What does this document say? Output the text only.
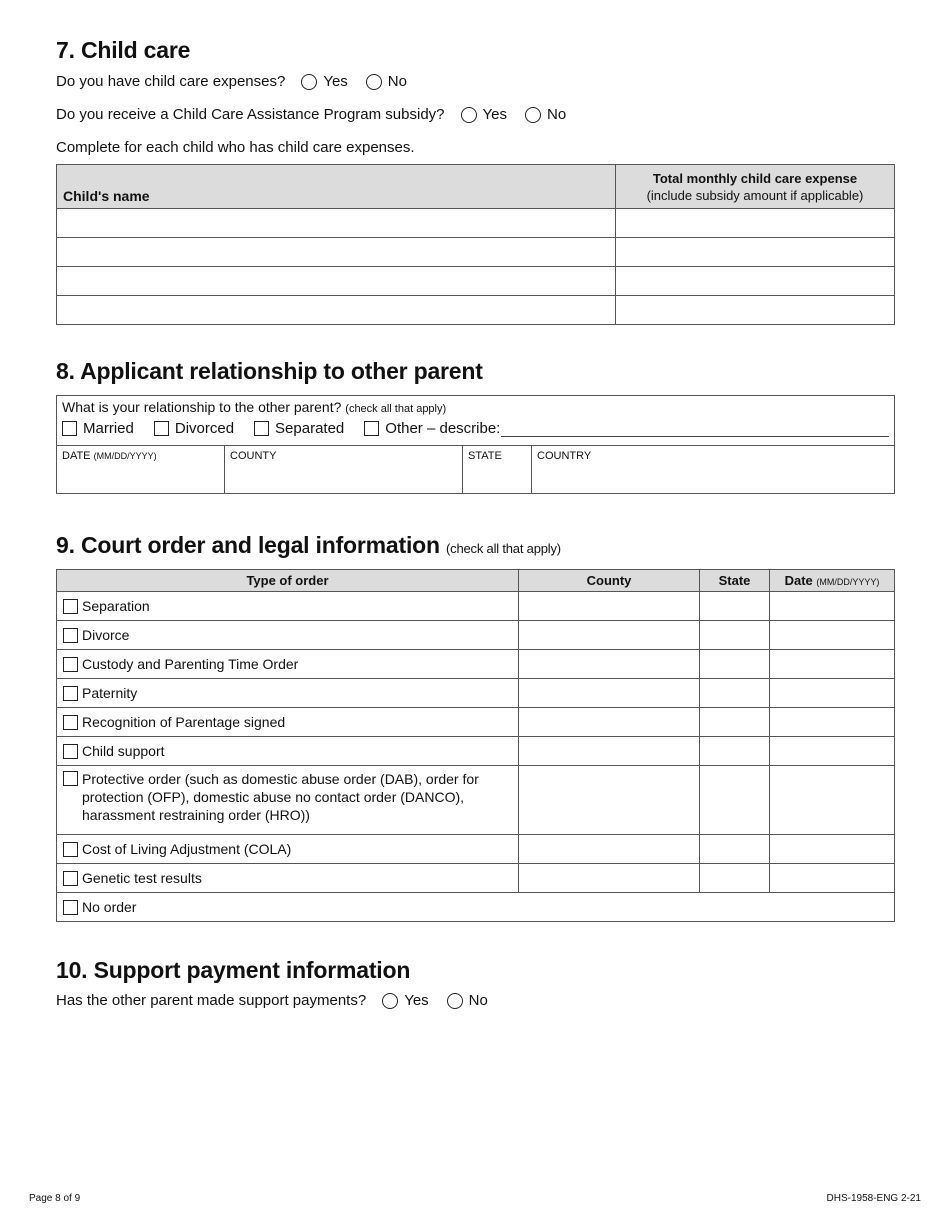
7. Child care
Do you have child care expenses?	Yes	No
Do you receive a Child Care Assistance Program subsidy?	Yes	No
Complete for each child who has child care expenses.
Child's name	Total monthly child care expense
(include subsidy amount if applicable)

8. Applicant relationship to other parent
What is your relationship to the other parent? (check all that apply)
Married	Divorced	Separated	Other – describe:
DATE (MM/DD/YYYY)	COUNTY	STATE	COUNTRY
9. Court order and legal information (check all that apply)
Type of order	County	State	Date (MM/DD/YYYY)

Separation			

Divorce			

Custody and Parenting Time Order			

Paternity			

Recognition of Parentage signed			

Child support			

Protective order (such as domestic abuse order (DAB), order for protection (OFP), domestic abuse no contact order (DANCO), harassment restraining order (HRO))			

Cost of Living Adjustment (COLA)			

Genetic test results			

No order			
10. Support payment information
Has the other parent made support payments?	Yes	No
Page 8 of 9	DHS-1958-ENG 2-21
